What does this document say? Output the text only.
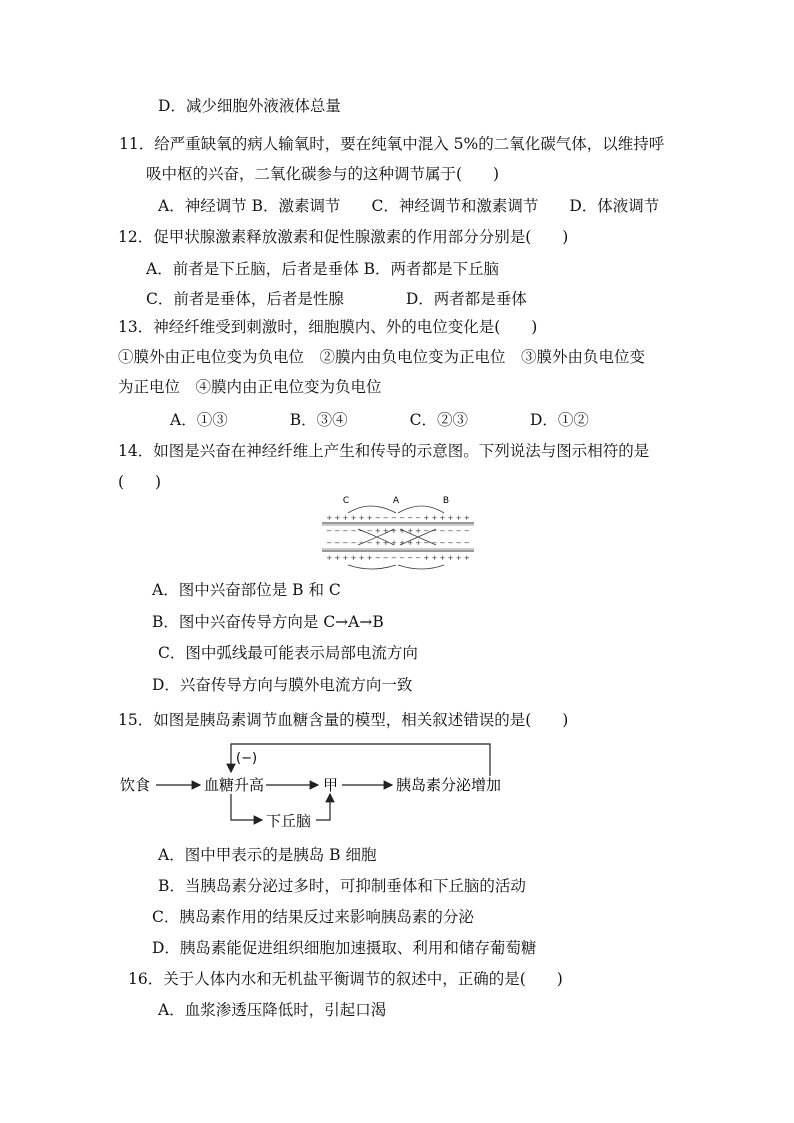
D．减少细胞外液液体总量
11．给严重缺氧的病人输氧时，要在纯氧中混入 5%的二氧化碳气体，以维持呼
吸中枢的兴奋，二氧化碳参与的这种调节属于(　　)
A．神经调节 B．激素调节　　C．神经调节和激素调节　　D．体液调节
12．促甲状腺激素释放激素和促性腺激素的作用部分分别是(　　)
A．前者是下丘脑，后者是垂体 B．两者都是下丘脑
C．前者是垂体，后者是性腺　　　　D．两者都是垂体
13．神经纤维受到刺激时，细胞膜内、外的电位变化是(　　)
①膜外由正电位变为负电位　②膜内由负电位变为正电位　③膜外由负电位变
为正电位　④膜内由正电位变为负电位
A．①③　　　　B．③④　　　　C．②③　　　　D．①②
14．如图是兴奋在神经纤维上产生和传导的示意图。下列说法与图示相符的是
(　　)
C	A	B
+ + + + + + − − − − − − + + + + + +
− − − − − − + + + + + + − − − − − −
− − − − − − + + + + + + − − − − − −
+ + + + + + − − − − − − + + + + + +
A．图中兴奋部位是 B 和 C
B．图中兴奋传导方向是 C→A→B
C．图中弧线最可能表示局部电流方向
D．兴奋传导方向与膜外电流方向一致
15．如图是胰岛素调节血糖含量的模型，相关叙述错误的是(　　)
饮食	血糖升高	甲	胰岛素分泌增加
(−)
下丘脑
A．图中甲表示的是胰岛 B 细胞
B．当胰岛素分泌过多时，可抑制垂体和下丘脑的活动
C．胰岛素作用的结果反过来影响胰岛素的分泌
D．胰岛素能促进组织细胞加速摄取、利用和储存葡萄糖
16．关于人体内水和无机盐平衡调节的叙述中，正确的是(　　)
A．血浆渗透压降低时，引起口渴
